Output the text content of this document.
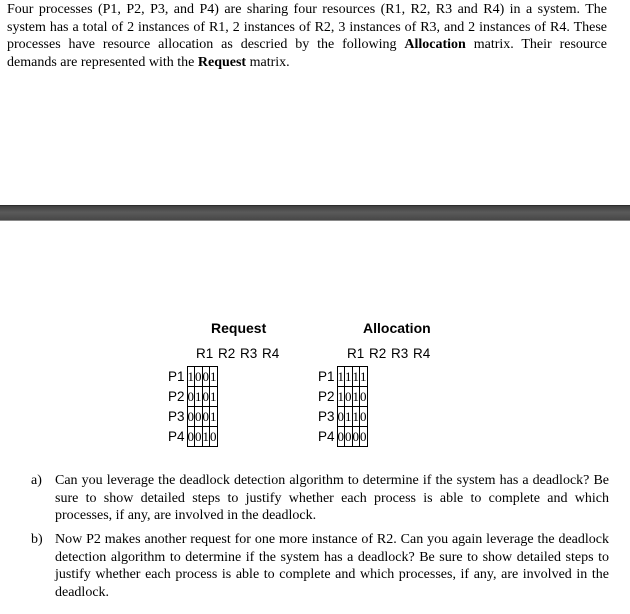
Four processes (P1, P2, P3, and P4) are sharing four resources (R1, R2, R3 and R4) in a system. The system has a total of 2 instances of R1, 2 instances of R2, 3 instances of R3, and 2 instances of R4. These processes have resource allocation as descried by the following Allocation matrix. Their resource demands are represented with the Request matrix.
Request
R1 R2 R3 R4
P1	1	0	0	1
P2	0	1	0	1
P3	0	0	0	1
P4	0	0	1	0
Allocation
R1 R2 R3 R4
P1	1	1	1	1
P2	1	0	1	0
P3	0	1	1	0
P4	0	0	0	0
a) Can you leverage the deadlock detection algorithm to determine if the system has a deadlock? Be sure to show detailed steps to justify whether each process is able to complete and which processes, if any, are involved in the deadlock.
b) Now P2 makes another request for one more instance of R2. Can you again leverage the deadlock detection algorithm to determine if the system has a deadlock? Be sure to show detailed steps to justify whether each process is able to complete and which processes, if any, are involved in the deadlock.
